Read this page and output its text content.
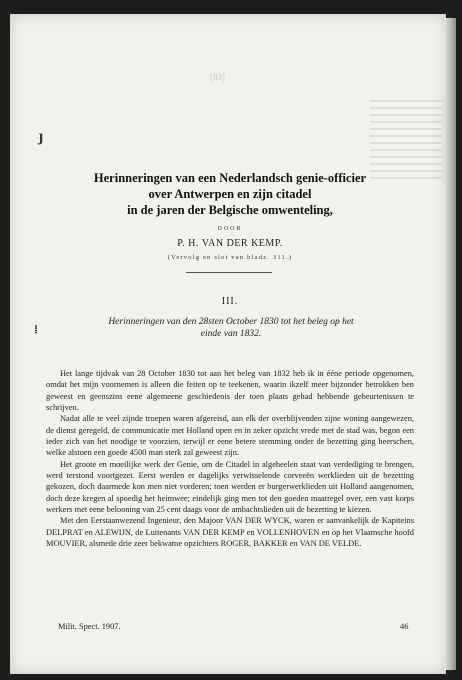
[83]
ȷ
⁞
Herinneringen van een Nederlandsch genie-officier
over Antwerpen en zijn citadel
in de jaren der Belgische omwenteling,
DOOR
P. H. VAN DER KEMP.
(Vervolg en slot van bladz. 311.)
III.
Herinneringen van den 28sten October 1830 tot het beleg op het
einde van 1832.

Het lange tijdvak van 28 October 1830 tot aan het beleg van 1832 heb ik in ééne periode opgenomen, omdat het mijn voornemen is alleen die feiten op te teekenen, waarin ikzelf meer bijzonder betrokken ben geweest en geenszins eene algemeene geschiedenis der toen plaats gehad hebbende gebeurtenissen te schrijven.

Nadat alle te veel zijnde troepen waren afgereisd, aan elk der overblijvenden zijne woning aangewezen, de dienst geregeld, de communicatie met Holland open en in zeker opzicht vrede met de stad was, begon een ieder zich van het noodige te voorzien, terwijl er eene betere stemming onder de bezetting ging heerschen, welke alstoen een goede 4500 man sterk zal geweest zijn.

Het groote en moeilijke werk der Genie, om de Citadel in algeheelen staat van verdediging te brengen, werd terstond voortgezet. Eerst werden er dagelijks verwisselende corveeën werklieden uit de bezetting gekozen, doch daarmede kon men niet vorderen; toen werden er burgerwerklieden uit Holland aangenomen, doch deze kregen al spoedig het heimwee; eindelijk ging men tot den goeden maatregel over, een vast korps werkers met eene belooning van 25 cent daags voor de ambachtslieden uit de bezetting te kiezen.

Met den Eerstaanwezend Ingenieur, den Majoor VAN DER WYCK, waren er aanvankelijk de Kapiteins DELPRAT en ALEWIJN, de Luitenants VAN DER KEMP en VOLLENHOVEN en op het Vlaamsche hoofd MOUVIER, alsmede drie zeer bekwame opzichters ROGER, BAKKER en VAN DE VELDE.

Milit. Spect. 1907.	46
